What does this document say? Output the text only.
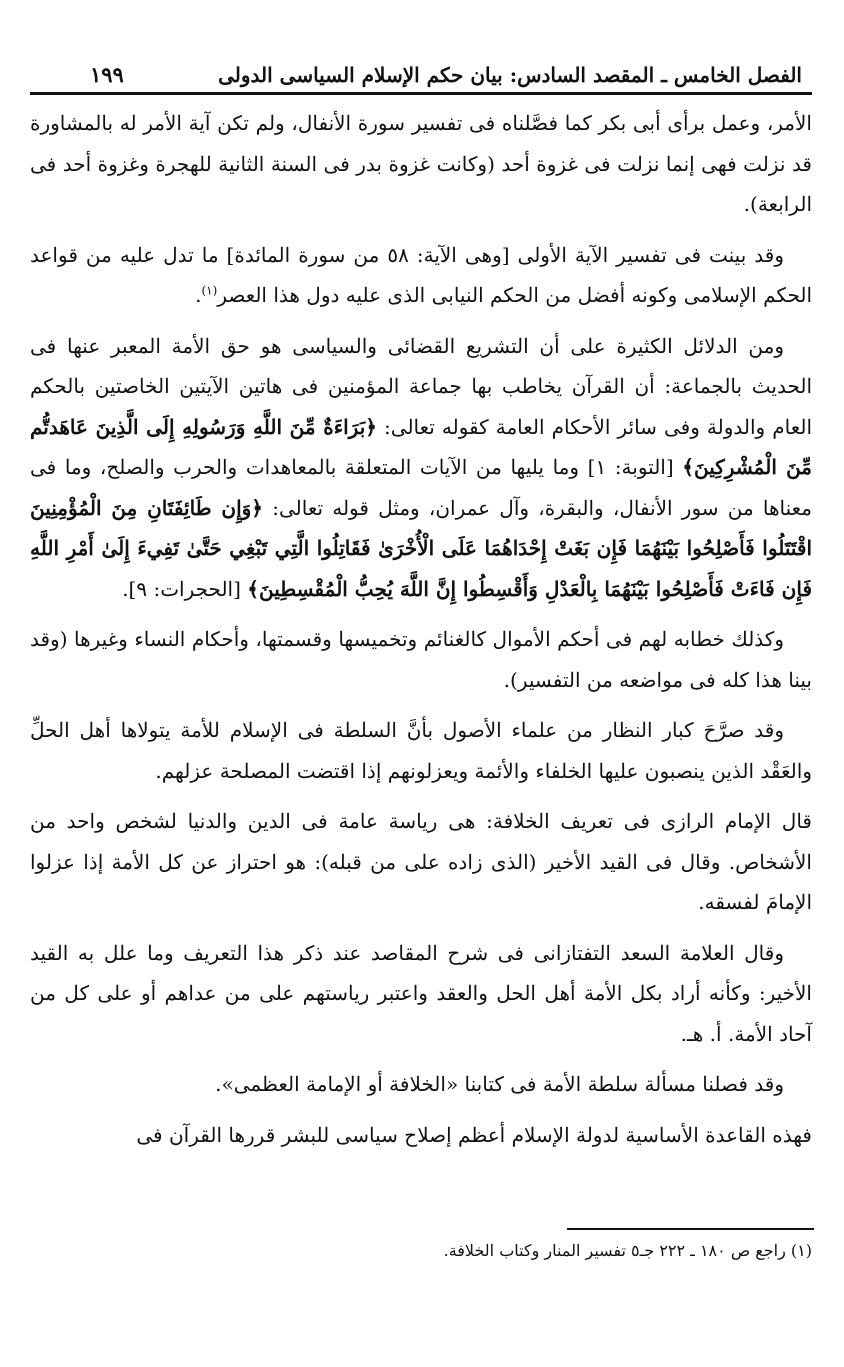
الفصل الخامس ـ المقصد السادس: بيان حكم الإسلام السياسى الدولى
١٩٩

الأمر، وعمل برأى أبى بكر كما فصَّلناه فى تفسير سورة الأنفال، ولم تكن آية الأمر له بالمشاورة قد نزلت فهى إنما نزلت فى غزوة أحد (وكانت غزوة بدر فى السنة الثانية للهجرة وغزوة أحد فى الرابعة).

وقد بينت فى تفسير الآية الأولى [وهى الآية: ٥٨ من سورة المائدة] ما تدل عليه من قواعد الحكم الإسلامى وكونه أفضل من الحكم النيابى الذى عليه دول هذا العصر$^{(١)}$.

ومن الدلائل الكثيرة على أن التشريع القضائى والسياسى هو حق الأمة المعبر عنها فى الحديث بالجماعة: أن القرآن يخاطب بها جماعة المؤمنين فى هاتين الآيتين الخاصتين بالحكم العام والدولة وفى سائر الأحكام العامة كقوله تعالى: ﴿بَرَاءَةٌ مِّنَ اللَّهِ وَرَسُولِهِ إِلَى الَّذِينَ عَاهَدتُّم مِّنَ الْمُشْرِكِينَ﴾ [التوبة: ١] وما يليها من الآيات المتعلقة بالمعاهدات والحرب والصلح، وما فى معناها من سور الأنفال، والبقرة، وآل عمران، ومثل قوله تعالى: ﴿وَإِن طَائِفَتَانِ مِنَ الْمُؤْمِنِينَ اقْتَتَلُوا فَأَصْلِحُوا بَيْنَهُمَا فَإِن بَغَتْ إِحْدَاهُمَا عَلَى الْأُخْرَىٰ فَقَاتِلُوا الَّتِي تَبْغِي حَتَّىٰ تَفِيءَ إِلَىٰ أَمْرِ اللَّهِ فَإِن فَاءَتْ فَأَصْلِحُوا بَيْنَهُمَا بِالْعَدْلِ وَأَقْسِطُوا إِنَّ اللَّهَ يُحِبُّ الْمُقْسِطِينَ﴾ [الحجرات: ٩].

وكذلك خطابه لهم فى أحكم الأموال كالغنائم وتخميسها وقسمتها، وأحكام النساء وغيرها (وقد بينا هذا كله فى مواضعه من التفسير).

وقد صرَّحَ كبار النظار من علماء الأصول بأنَّ السلطة فى الإسلام للأمة يتولاها أهل الحلِّ والعَقْد الذين ينصبون عليها الخلفاء والأئمة ويعزلونهم إذا اقتضت المصلحة عزلهم.

قال الإمام الرازى فى تعريف الخلافة: هى رياسة عامة فى الدين والدنيا لشخص واحد من الأشخاص. وقال فى القيد الأخير (الذى زاده على من قبله): هو احتراز عن كل الأمة إذا عزلوا الإمامَ لفسقه.

وقال العلامة السعد التفتازانى فى شرح المقاصد عند ذكر هذا التعريف وما علل به القيد الأخير: وكأنه أراد بكل الأمة أهل الحل والعقد واعتبر رياستهم على من عداهم أو على كل من آحاد الأمة. أ. هـ.

وقد فصلنا مسألة سلطة الأمة فى كتابنا «الخلافة أو الإمامة العظمى».

فهذه القاعدة الأساسية لدولة الإسلام أعظم إصلاح سياسى للبشر قررها القرآن فى

(١) راجع ص ١٨٠ ـ ٢٢٢ جـ٥ تفسير المنار وكتاب الخلافة.
